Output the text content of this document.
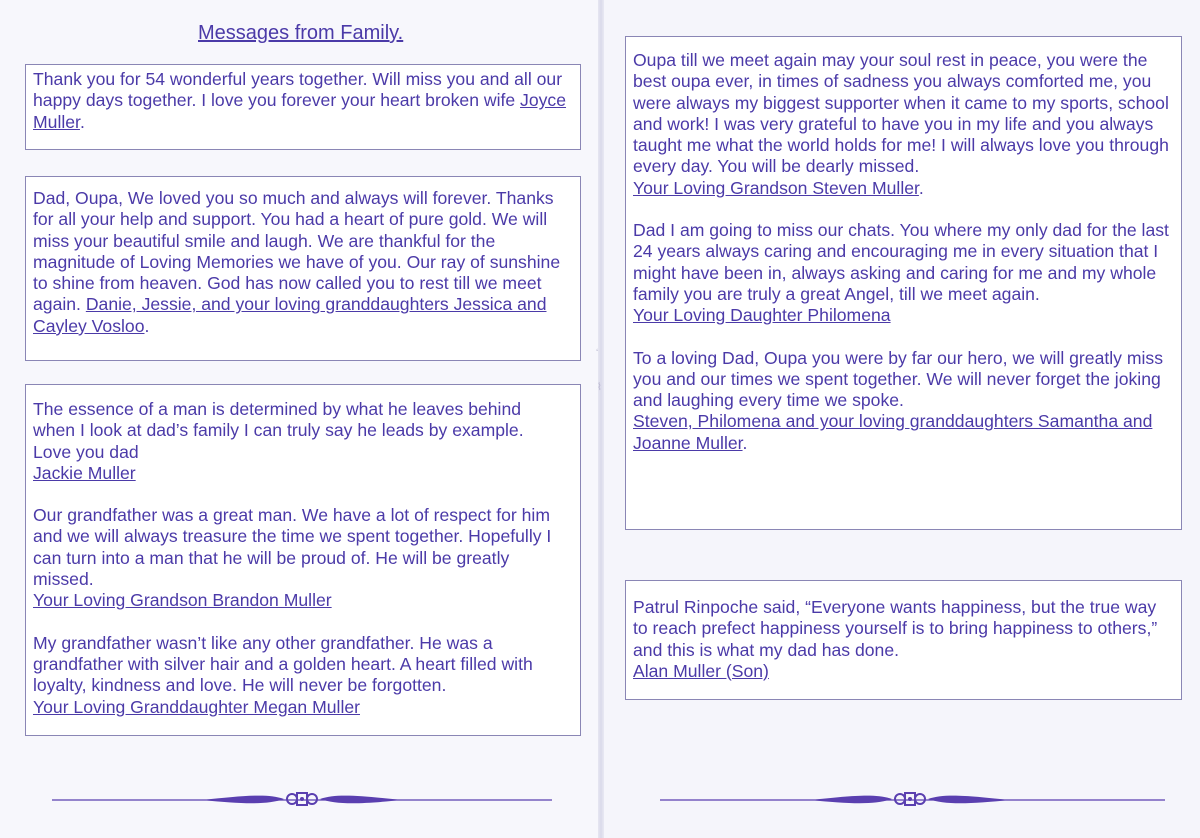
Messages from Family.

Thank you for 54 wonderful years together. Will miss you and all our happy days together. I love you forever your heart broken wife Joyce Muller.

Dad, Oupa, We loved you so much and always will forever. Thanks for all your help and support. You had a heart of pure gold. We will miss your beautiful smile and laugh. We are thankful for the magnitude of Loving Memories we have of you. Our ray of sunshine to shine from heaven. God has now called you to rest till we meet again. Danie, Jessie, and your loving granddaughters Jessica and Cayley Vosloo.

The essence of a man is determined by what he leaves behind
when I look at dad’s family I can truly say he leads by example.
Love you dad
Jackie Muller

Our grandfather was a great man. We have a lot of respect for him and we will always treasure the time we spent together. Hopefully I can turn into a man that he will be proud of. He will be greatly missed.
Your Loving Grandson Brandon Muller

My grandfather wasn’t like any other grandfather. He was a grandfather with silver hair and a golden heart. A heart filled with loyalty, kindness and love. He will never be forgotten.
Your Loving Granddaughter Megan Muller

Oupa till we meet again may your soul rest in peace, you were the best oupa ever, in times of sadness you always comforted me, you were always my biggest supporter when it came to my sports, school and work! I was very grateful to have you in my life and you always taught me what the world holds for me! I will always love you through every day. You will be dearly missed.
Your Loving Grandson Steven Muller.

Dad I am going to miss our chats. You where my only dad for the last 24 years always caring and encouraging me in every situation that I might have been in, always asking and caring for me and my whole family you are truly a great Angel, till we meet again.
Your Loving Daughter Philomena

To a loving Dad, Oupa you were by far our hero, we will greatly miss you and our times we spent together. We will never forget the joking and laughing every time we spoke.
Steven, Philomena and your loving granddaughters Samantha and Joanne Muller.

Patrul Rinpoche said, “Everyone wants happiness, but the true way to reach prefect happiness yourself is to bring happiness to others,” and this is what my dad has done.
Alan Muller (Son)

ʻ
⌇
